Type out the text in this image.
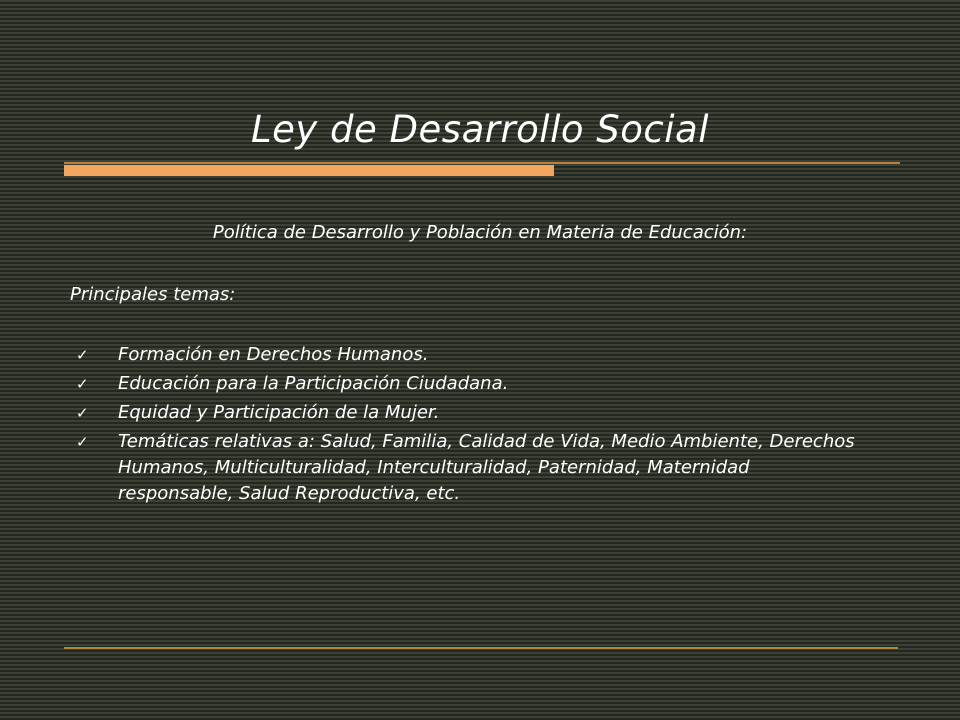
Ley de Desarrollo Social
Política de Desarrollo y Población en Materia de Educación:
Principales temas:
✓ Formación en Derechos Humanos.
✓ Educación para la Participación Ciudadana.
✓ Equidad y Participación de la Mujer.
✓ Temáticas relativas a: Salud, Familia, Calidad de Vida, Medio Ambiente, Derechos Humanos, Multiculturalidad, Interculturalidad, Paternidad, Maternidad responsable, Salud Reproductiva, etc.
